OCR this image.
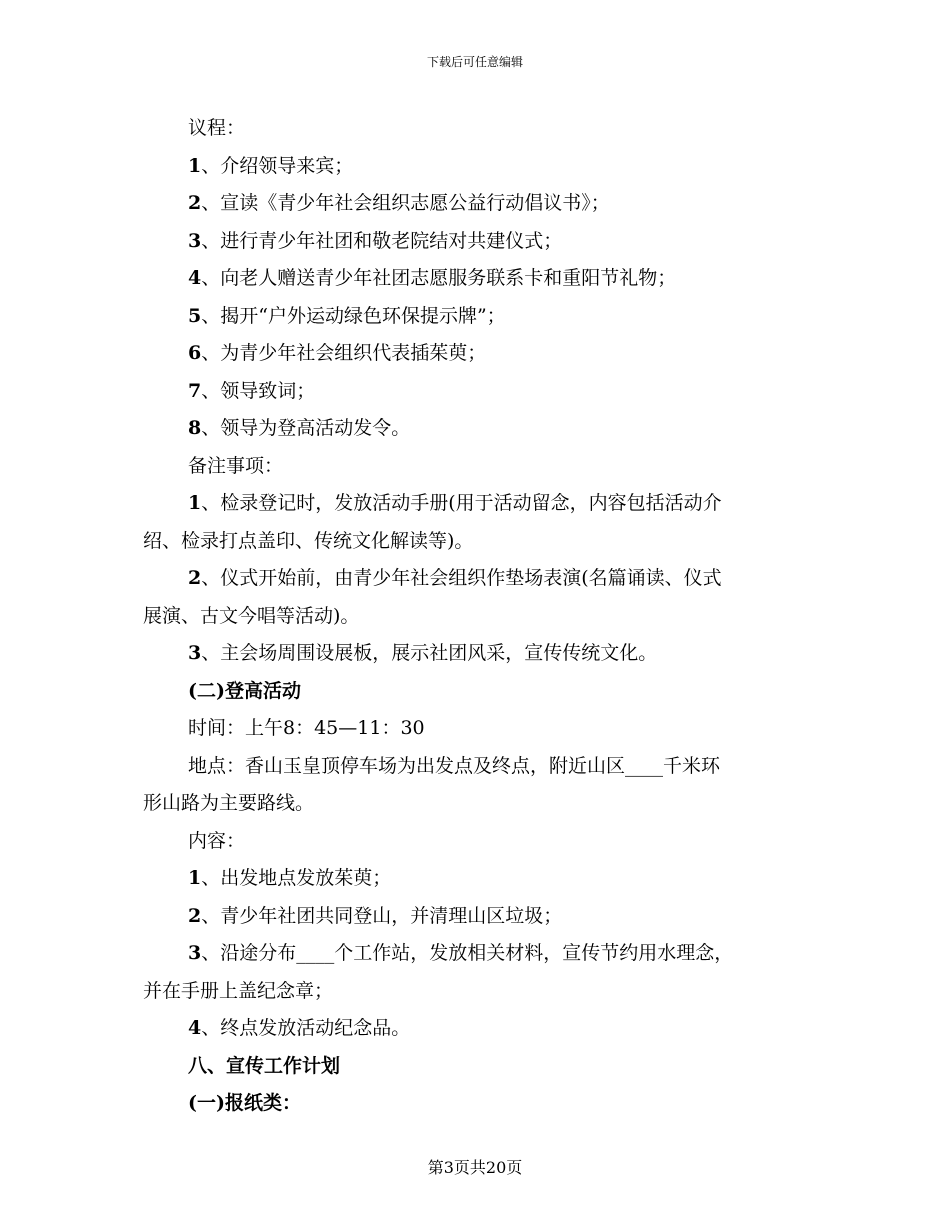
下载后可任意编辑
议程：
1、介绍领导来宾；
2、宣读《青少年社会组织志愿公益行动倡议书》；
3、进行青少年社团和敬老院结对共建仪式；
4、向老人赠送青少年社团志愿服务联系卡和重阳节礼物；
5、揭开“户外运动绿色环保提示牌”；
6、为青少年社会组织代表插茱萸；
7、领导致词；
8、领导为登高活动发令。
备注事项：
1、检录登记时，发放活动手册(用于活动留念，内容包括活动介
绍、检录打点盖印、传统文化解读等)。
2、仪式开始前，由青少年社会组织作垫场表演(名篇诵读、仪式
展演、古文今唱等活动)。
3、主会场周围设展板，展示社团风采，宣传传统文化。
(二)登高活动
时间：上午8：45—11：30
地点：香山玉皇顶停车场为出发点及终点，附近山区____千米环
形山路为主要路线。
内容：
1、出发地点发放茱萸；
2、青少年社团共同登山，并清理山区垃圾；
3、沿途分布____个工作站，发放相关材料，宣传节约用水理念，
并在手册上盖纪念章；
4、终点发放活动纪念品。
八、宣传工作计划
(一)报纸类：
第3页共20页
